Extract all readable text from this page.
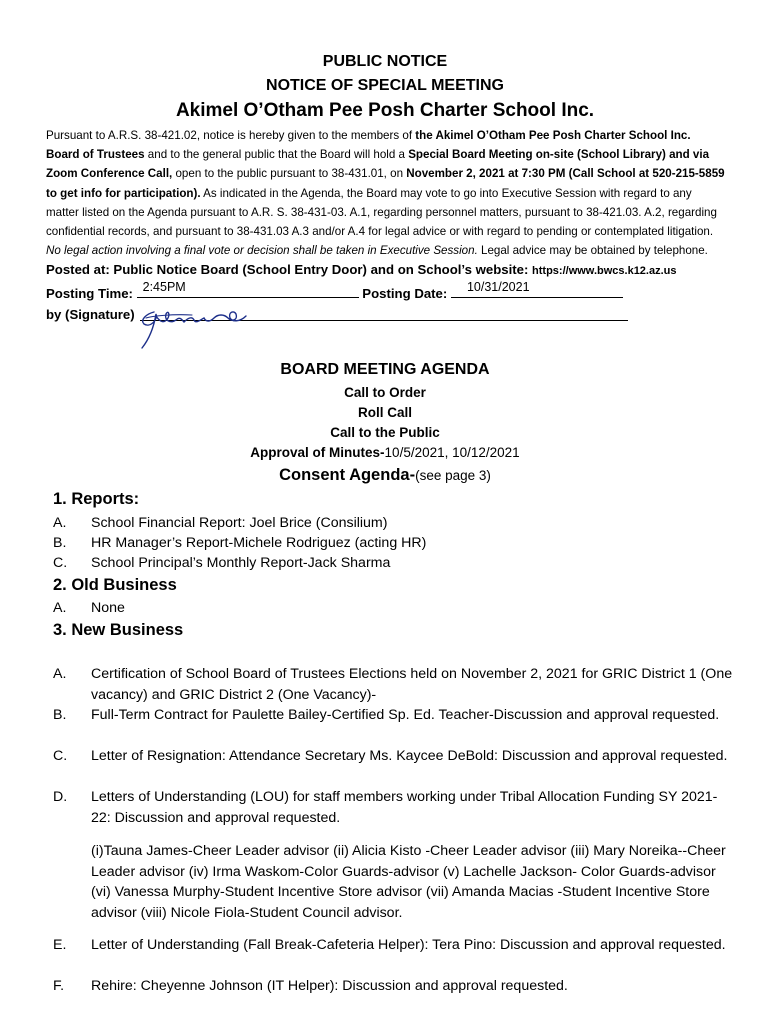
PUBLIC NOTICE
NOTICE OF SPECIAL MEETING
Akimel O’Otham Pee Posh Charter School Inc.
Pursuant to A.R.S. 38-421.02, notice is hereby given to the members of the Akimel O’Otham Pee Posh Charter School Inc. Board of Trustees and to the general public that the Board will hold a Special Board Meeting on-site (School Library) and via Zoom Conference Call, open to the public pursuant to 38-431.01, on November 2, 2021 at 7:30 PM (Call School at 520-215-5859 to get info for participation). As indicated in the Agenda, the Board may vote to go into Executive Session with regard to any matter listed on the Agenda pursuant to A.R. S. 38-431-03. A.1, regarding personnel matters, pursuant to 38-421.03. A.2, regarding confidential records, and pursuant to 38-431.03 A.3 and/or A.4 for legal advice or with regard to pending or contemplated litigation. No legal action involving a final vote or decision shall be taken in Executive Session. Legal advice may be obtained by telephone. Posted at: Public Notice Board (School Entry Door) and on School’s website: https://www.bwcs.k12.az.us
Posting Time: 2:45PM	Posting Date: 10/31/2021
by (Signature)
BOARD MEETING AGENDA
Call to Order
Roll Call
Call to the Public
Approval of Minutes-10/5/2021, 10/12/2021
Consent Agenda-(see page 3)
1. Reports:
A. School Financial Report: Joel Brice (Consilium)
B. HR Manager’s Report-Michele Rodriguez (acting HR)
C. School Principal’s Monthly Report-Jack Sharma
2. Old Business
A. None
3. New Business
A. Certification of School Board of Trustees Elections held on November 2, 2021 for GRIC District 1 (One vacancy) and GRIC District 2 (One Vacancy)-
B. Full-Term Contract for Paulette Bailey-Certified Sp. Ed. Teacher-Discussion and approval requested.
C. Letter of Resignation: Attendance Secretary Ms. Kaycee DeBold: Discussion and approval requested.
D. Letters of Understanding (LOU) for staff members working under Tribal Allocation Funding SY 2021-22: Discussion and approval requested.
(i)Tauna James-Cheer Leader advisor (ii) Alicia Kisto -Cheer Leader advisor (iii) Mary Noreika--Cheer Leader advisor (iv) Irma Waskom-Color Guards-advisor (v) Lachelle Jackson- Color Guards-advisor (vi) Vanessa Murphy-Student Incentive Store advisor (vii) Amanda Macias -Student Incentive Store advisor (viii) Nicole Fiola-Student Council advisor.
E. Letter of Understanding (Fall Break-Cafeteria Helper): Tera Pino: Discussion and approval requested.
F. Rehire: Cheyenne Johnson (IT Helper): Discussion and approval requested.
